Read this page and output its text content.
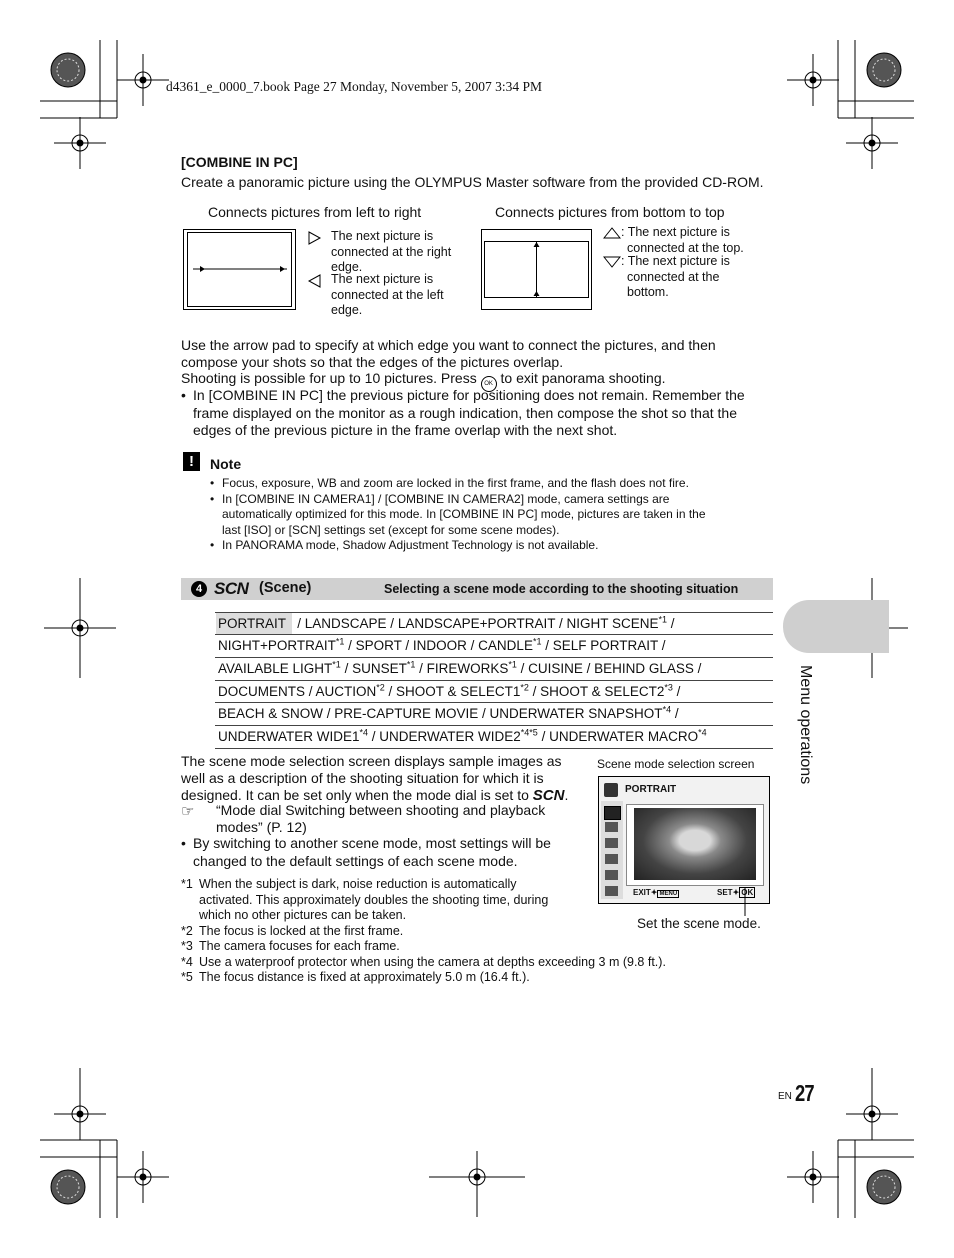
d4361_e_0000_7.book Page 27 Monday, November 5, 2007 3:34 PM
[COMBINE IN PC]
Create a panoramic picture using the OLYMPUS Master software from the provided CD-ROM.
Connects pictures from left to right	Connects pictures from bottom to top
The next picture is
connected at the right
edge.
The next picture is
connected at the left
edge.
: The next picture is
connected at the top.
: The next picture is
connected at the
bottom.
Use the arrow pad to specify at which edge you want to connect the pictures, and then
compose your shots so that the edges of the pictures overlap.
Shooting is possible for up to 10 pictures. Press OK to exit panorama shooting.
• In [COMBINE IN PC] the previous picture for positioning does not remain. Remember the
frame displayed on the monitor as a rough indication, then compose the shot so that the
edges of the previous picture in the frame overlap with the next shot.
!	Note
• Focus, exposure, WB and zoom are locked in the first frame, and the flash does not fire.
• In [COMBINE IN CAMERA1] / [COMBINE IN CAMERA2] mode, camera settings are
automatically optimized for this mode. In [COMBINE IN PC] mode, pictures are taken in the
last [ISO] or [SCN] settings set (except for some scene modes).
• In PANORAMA mode, Shadow Adjustment Technology is not available.
4 SCN (Scene)	Selecting a scene mode according to the shooting situation
PORTRAIT / LANDSCAPE / LANDSCAPE+PORTRAIT / NIGHT SCENE$^{*1}$ /
$NIGHT+PORTRAIT^{*1}$ / SPORT / INDOOR / CANDLE$^{*1}$ / SELF PORTRAIT /
AVAILABLE LIGHT$^{*1}$ / SUNSET$^{*1}$ / FIREWORKS$^{*1}$ / CUISINE / BEHIND GLASS /
DOCUMENTS / AUCTION$^{*2}$ / SHOOT & SELECT1$^{*2}$ / SHOOT & SELECT2$^{*3}$ /
BEACH & SNOW / PRE-CAPTURE MOVIE / UNDERWATER SNAPSHOT$^{*4}$ /
UNDERWATER WIDE1$^{*4}$ / UNDERWATER $WIDE2^{*4*5}$ / UNDERWATER MACRO$^{*4}$
The scene mode selection screen displays sample images as
well as a description of the shooting situation for which it is
designed. It can be set only when the mode dial is set to SCN.
☞ “Mode dial Switching between shooting and playback
modes” (P. 12)
• By switching to another scene mode, most settings will be
changed to the default settings of each scene mode.
*1 When the subject is dark, noise reduction is automatically
activated. This approximately doubles the shooting time, during
which no other pictures can be taken.
*2 The focus is locked at the first frame.
*3 The camera focuses for each frame.
*4 Use a waterproof protector when using the camera at depths exceeding 3 m (9.8 ft.).
*5 The focus distance is fixed at approximately 5.0 m (16.4 ft.).
Scene mode selection screen
PORTRAIT
EXIT✦ MENU	SET✦ OK
Set the scene mode.
Menu operations
EN 27
